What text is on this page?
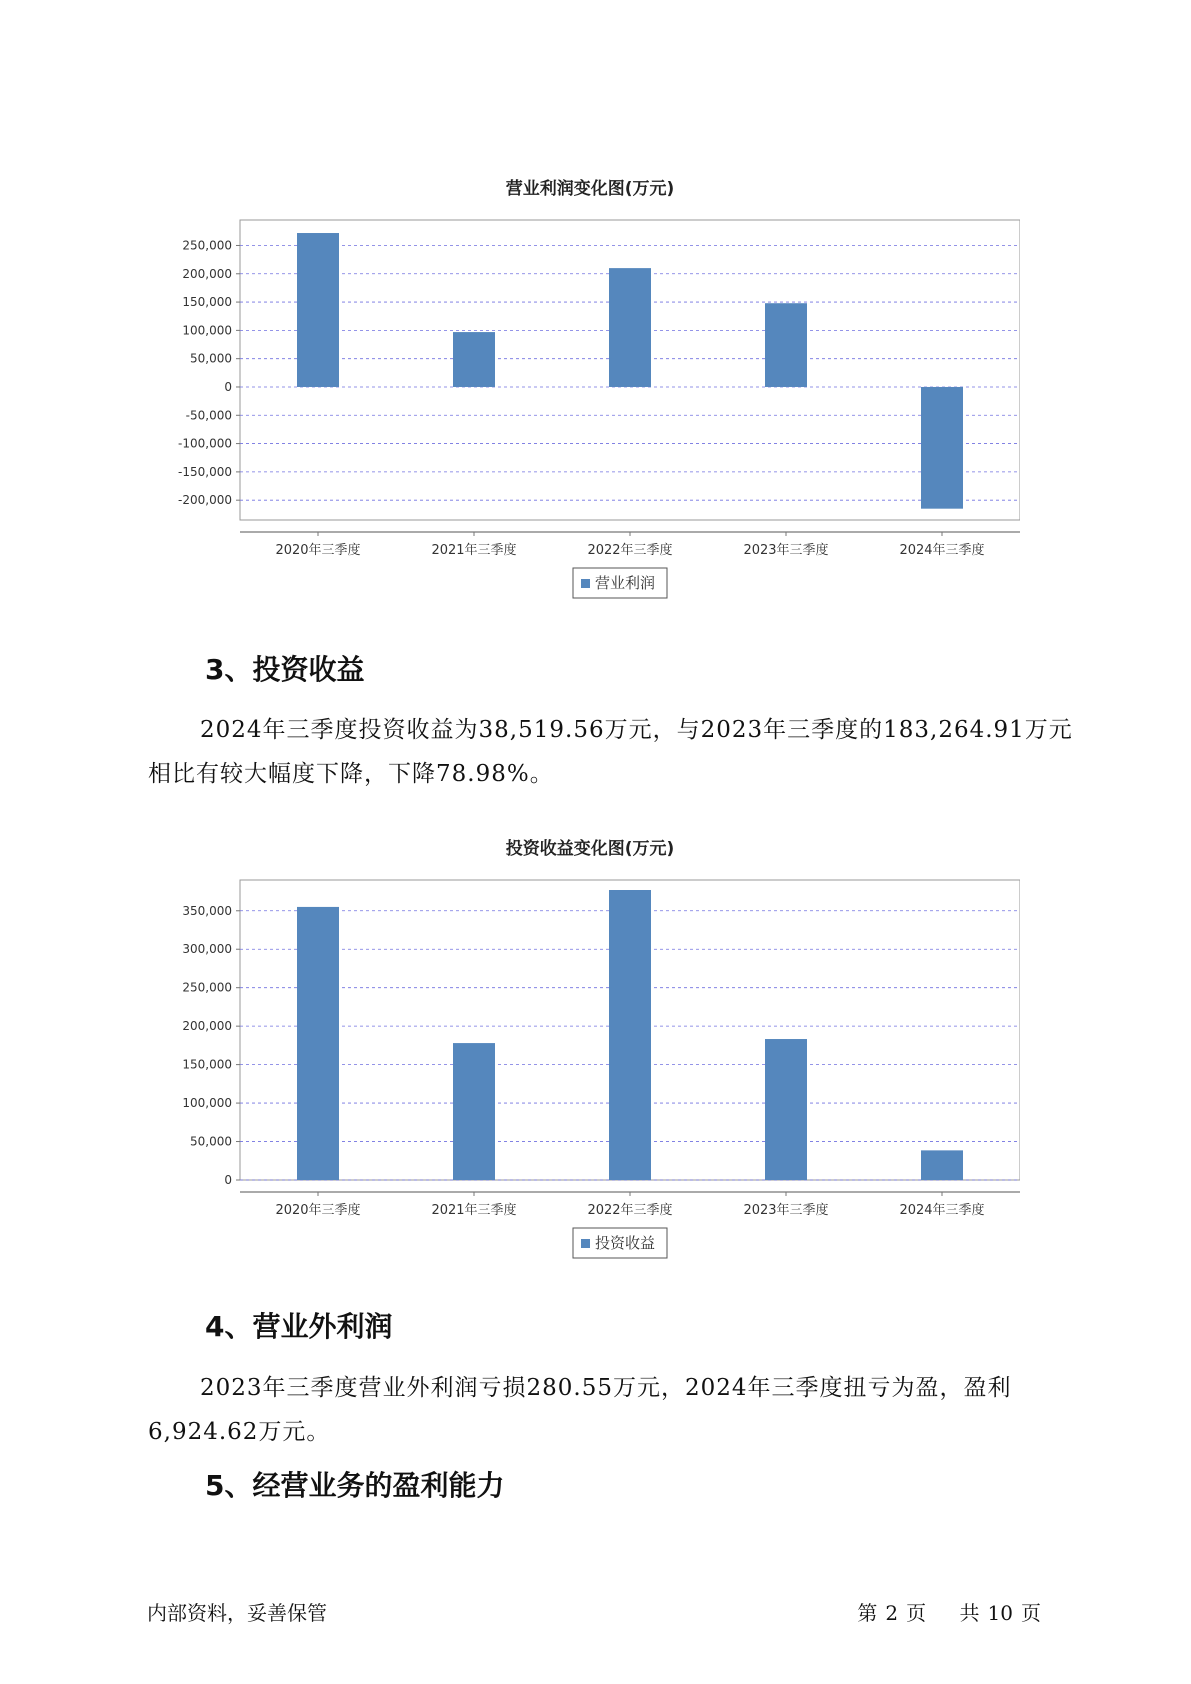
营业利润变化图(万元)
250,000
200,000
150,000
100,000
50,000
0
-50,000
-100,000
-150,000
-200,000
2020年三季度	2021年三季度	2022年三季度	2023年三季度	2024年三季度
营业利润
3、投资收益

2024年三季度投资收益为38,519.56万元，与2023年三季度的183,264.91万元相比有较大幅度下降，下降78.98%。

投资收益变化图(万元)
350,000
300,000
250,000
200,000
150,000
100,000
50,000
0
2020年三季度	2021年三季度	2022年三季度	2023年三季度	2024年三季度
投资收益
4、营业外利润

2023年三季度营业外利润亏损280.55万元，2024年三季度扭亏为盈，盈利6,924.62万元。

5、经营业务的盈利能力
内部资料，妥善保管	第 2 页 共 10 页
